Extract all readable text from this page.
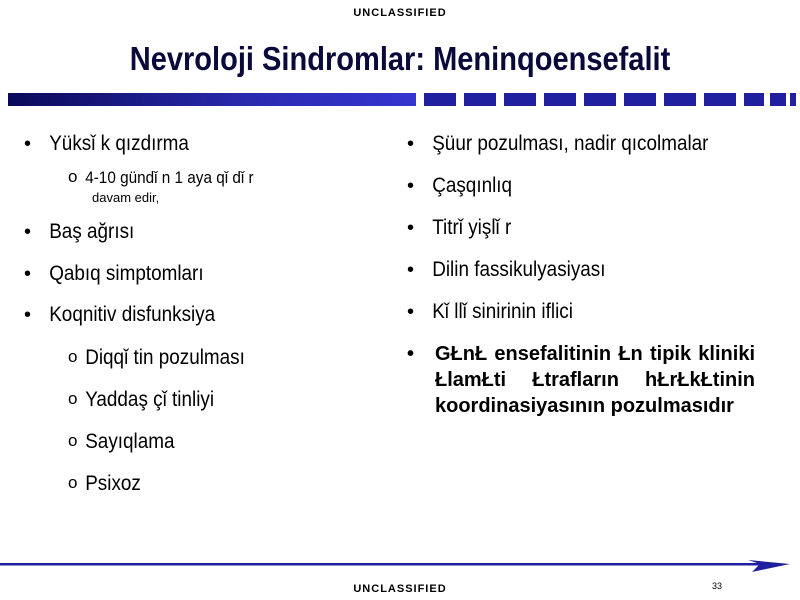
UNCLASSIFIED
Nevroloji Sindromlar: Meninqoensefalit
• Yüksǐ k qızdırma
o 4-10 gündǐ n 1 aya qǐ dǐ r
davam edir,
• Baş ağrısı
• Qabıq simptomları
• Koqnitiv disfunksiya
o Diqqǐ tin pozulması
o Yaddaş çǐ tinliyi
o Sayıqlama
o Psixoz
• Şüur pozulması, nadir qıcolmalar
• Çaşqınlıq
• Titrǐ yişlǐ r
• Dilin fassikulyasiyası
• Kǐ llǐ sinirinin iflici
•	GŁnŁ ensefalitinin Łn tipik kliniki ŁlamŁti Łtrafların hŁrŁkŁtinin koordinasiyasının pozulmasıdır
33
UNCLASSIFIED
